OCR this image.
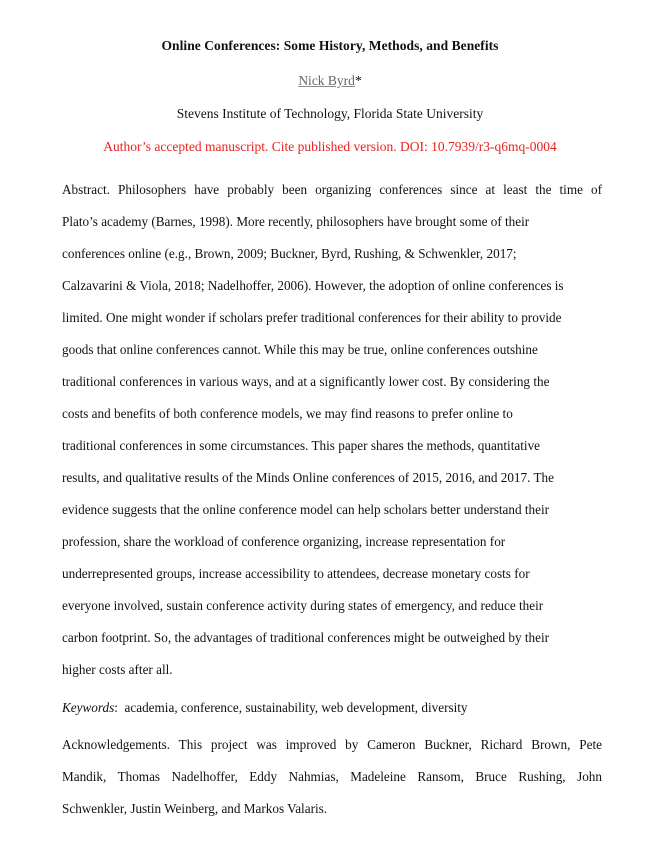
Online Conferences: Some History, Methods, and Benefits
Nick Byrd*
Stevens Institute of Technology, Florida State University
Author’s accepted manuscript. Cite published version. DOI: 10.7939/r3-q6mq-0004
Abstract. Philosophers have probably been organizing conferences since at least the time of
Plato’s academy (Barnes, 1998). More recently, philosophers have brought some of their
conferences online (e.g., Brown, 2009; Buckner, Byrd, Rushing, & Schwenkler, 2017;
Calzavarini & Viola, 2018; Nadelhoffer, 2006). However, the adoption of online conferences is
limited. One might wonder if scholars prefer traditional conferences for their ability to provide
goods that online conferences cannot. While this may be true, online conferences outshine
traditional conferences in various ways, and at a significantly lower cost. By considering the
costs and benefits of both conference models, we may find reasons to prefer online to
traditional conferences in some circumstances. This paper shares the methods, quantitative
results, and qualitative results of the Minds Online conferences of 2015, 2016, and 2017. The
evidence suggests that the online conference model can help scholars better understand their
profession, share the workload of conference organizing, increase representation for
underrepresented groups, increase accessibility to attendees, decrease monetary costs for
everyone involved, sustain conference activity during states of emergency, and reduce their
carbon footprint. So, the advantages of traditional conferences might be outweighed by their
higher costs after all.
Keywords: academia, conference, sustainability, web development, diversity
Acknowledgements. This project was improved by Cameron Buckner, Richard Brown, Pete
Mandik, Thomas Nadelhoffer, Eddy Nahmias, Madeleine Ransom, Bruce Rushing, John
Schwenkler, Justin Weinberg, and Markos Valaris.
